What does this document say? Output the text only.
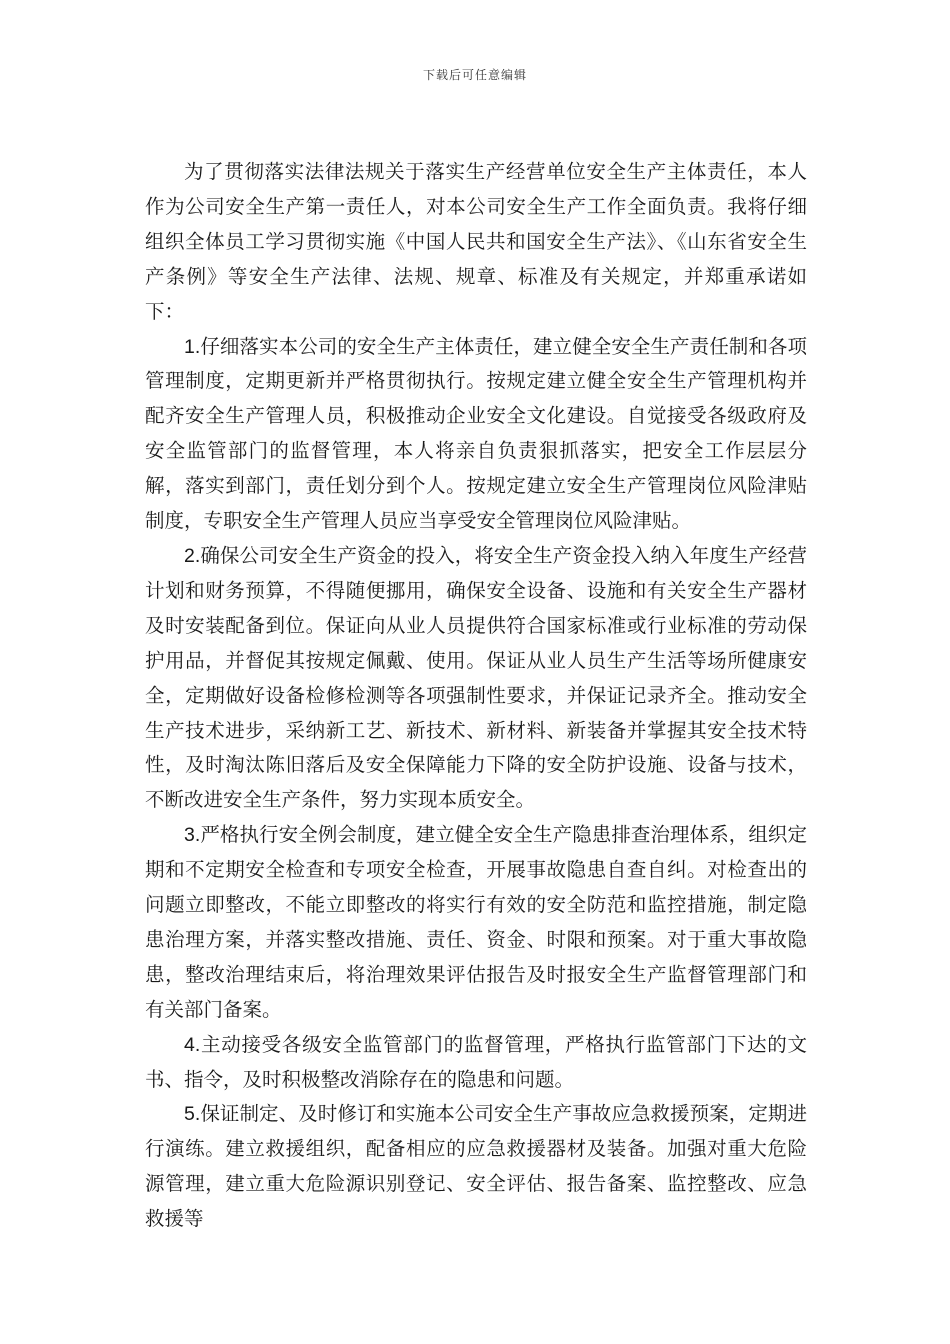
下载后可任意编辑

为了贯彻落实法律法规关于落实生产经营单位安全生产主体责任，本人作为公司安全生产第一责任人，对本公司安全生产工作全面负责。我将仔细组织全体员工学习贯彻实施《中国人民共和国安全生产法》、《山东省安全生产条例》等安全生产法律、法规、规章、标准及有关规定，并郑重承诺如下：

1.仔细落实本公司的安全生产主体责任，建立健全安全生产责任制和各项管理制度，定期更新并严格贯彻执行。按规定建立健全安全生产管理机构并配齐安全生产管理人员，积极推动企业安全文化建设。自觉接受各级政府及安全监管部门的监督管理，本人将亲自负责狠抓落实，把安全工作层层分解，落实到部门，责任划分到个人。按规定建立安全生产管理岗位风险津贴制度，专职安全生产管理人员应当享受安全管理岗位风险津贴。

2.确保公司安全生产资金的投入，将安全生产资金投入纳入年度生产经营计划和财务预算，不得随便挪用，确保安全设备、设施和有关安全生产器材及时安装配备到位。保证向从业人员提供符合国家标准或行业标准的劳动保护用品，并督促其按规定佩戴、使用。保证从业人员生产生活等场所健康安全，定期做好设备检修检测等各项强制性要求，并保证记录齐全。推动安全生产技术进步，采纳新工艺、新技术、新材料、新装备并掌握其安全技术特性，及时淘汰陈旧落后及安全保障能力下降的安全防护设施、设备与技术，不断改进安全生产条件，努力实现本质安全。

3.严格执行安全例会制度，建立健全安全生产隐患排查治理体系，组织定期和不定期安全检查和专项安全检查，开展事故隐患自查自纠。对检查出的问题立即整改，不能立即整改的将实行有效的安全防范和监控措施，制定隐患治理方案，并落实整改措施、责任、资金、时限和预案。对于重大事故隐患，整改治理结束后，将治理效果评估报告及时报安全生产监督管理部门和有关部门备案。

4.主动接受各级安全监管部门的监督管理，严格执行监管部门下达的文书、指令，及时积极整改消除存在的隐患和问题。

5.保证制定、及时修订和实施本公司安全生产事故应急救援预案，定期进行演练。建立救援组织，配备相应的应急救援器材及装备。加强对重大危险源管理，建立重大危险源识别登记、安全评估、报告备案、监控整改、应急救援等
